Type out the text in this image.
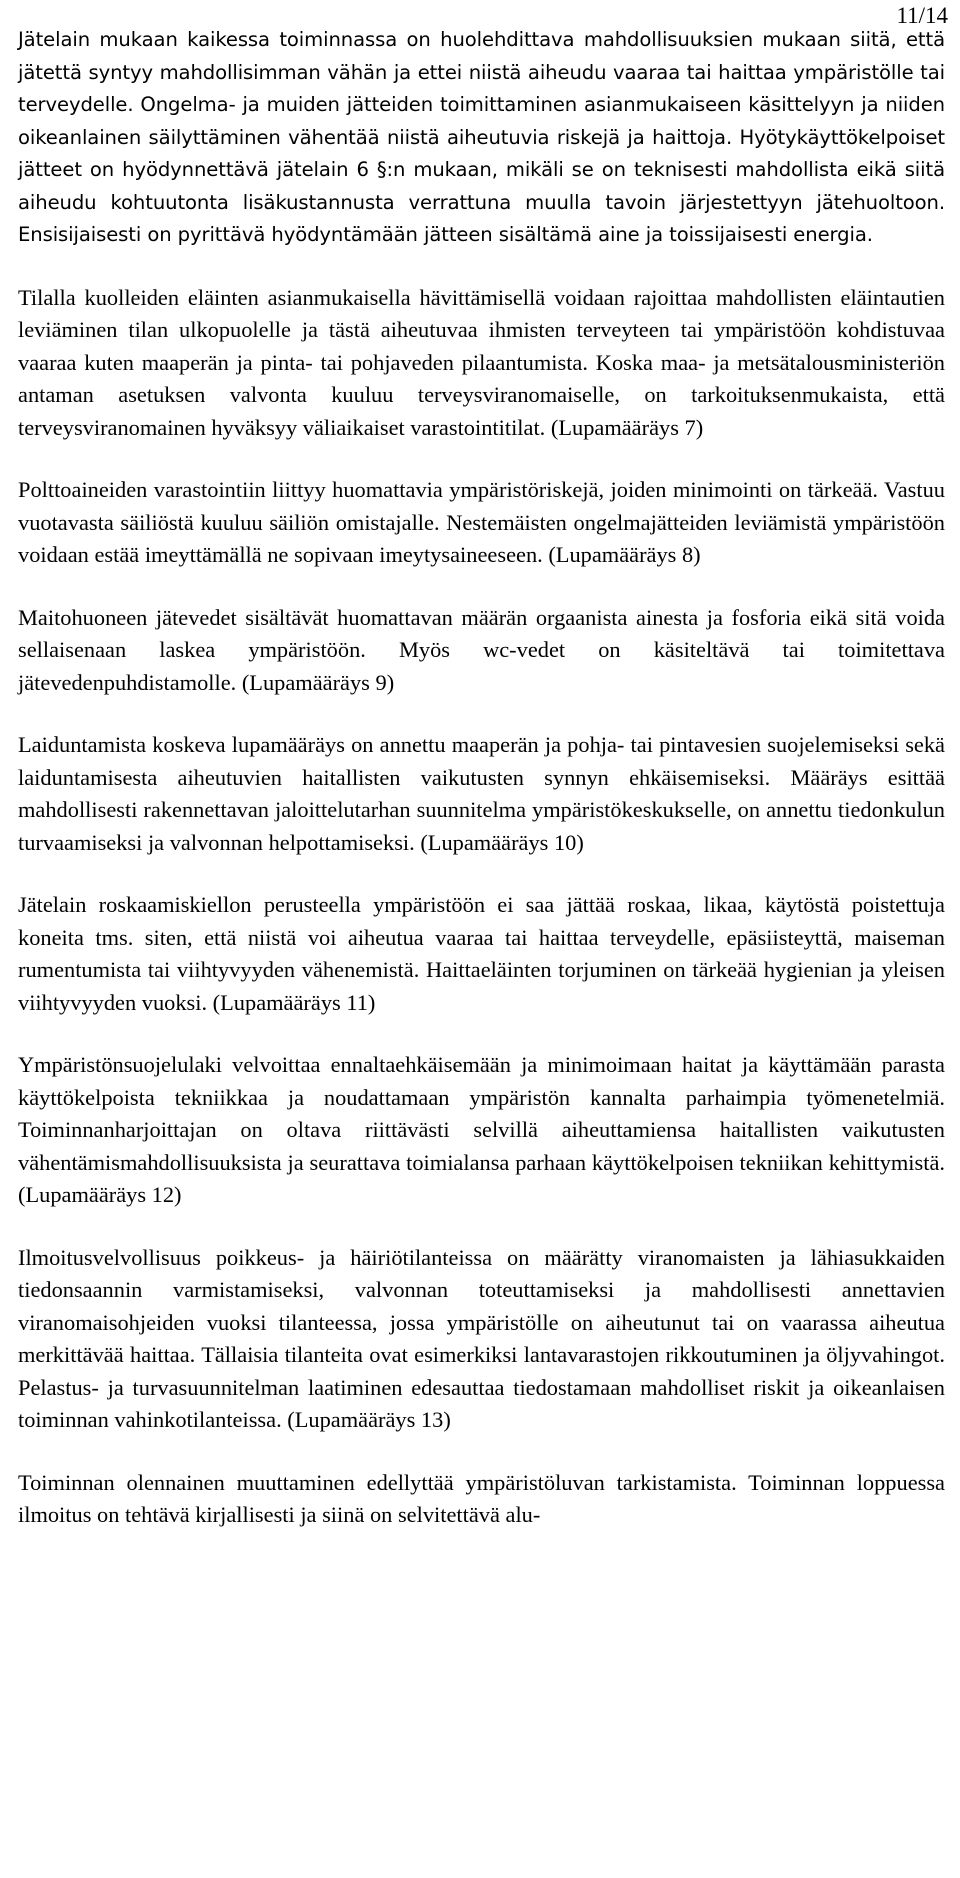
11/14

Jätelain mukaan kaikessa toiminnassa on huolehdittava mahdollisuuksien mukaan siitä, että jätettä syntyy mahdollisimman vähän ja ettei niistä aiheudu vaaraa tai haittaa ympäristölle tai terveydelle. Ongelma- ja muiden jätteiden toimittaminen asianmukaiseen käsittelyyn ja niiden oikeanlainen säilyttäminen vähentää niistä aiheutuvia riskejä ja haittoja. Hyötykäyttökelpoiset jätteet on hyödynnettävä jätelain 6 §:n mukaan, mikäli se on teknisesti mahdollista eikä siitä aiheudu kohtuutonta lisäkustannusta verrattuna muulla tavoin järjestettyyn jätehuoltoon. Ensisijaisesti on pyrittävä hyödyntämään jätteen sisältämä aine ja toissijaisesti energia.

Tilalla kuolleiden eläinten asianmukaisella hävittämisellä voidaan rajoittaa mahdollisten eläintautien leviäminen tilan ulkopuolelle ja tästä aiheutuvaa ihmisten terveyteen tai ympäristöön kohdistuvaa vaaraa kuten maaperän ja pinta- tai pohjaveden pilaantumista. Koska maa- ja metsätalousministeriön antaman asetuksen valvonta kuuluu terveysviranomaiselle, on tarkoituksenmukaista, että terveysviranomainen hyväksyy väliaikaiset varastointitilat. (Lupamääräys 7)

Polttoaineiden varastointiin liittyy huomattavia ympäristöriskejä, joiden minimointi on tärkeää. Vastuu vuotavasta säiliöstä kuuluu säiliön omistajalle. Nestemäisten ongelmajätteiden leviämistä ympäristöön voidaan estää imeyttämällä ne sopivaan imeytysaineeseen. (Lupamääräys 8)

Maitohuoneen jätevedet sisältävät huomattavan määrän orgaanista ainesta ja fosforia eikä sitä voida sellaisenaan laskea ympäristöön. Myös wc-vedet on käsiteltävä tai toimitettava jätevedenpuhdistamolle. (Lupamääräys 9)

Laiduntamista koskeva lupamääräys on annettu maaperän ja pohja- tai pintavesien suojelemiseksi sekä laiduntamisesta aiheutuvien haitallisten vaikutusten synnyn ehkäisemiseksi. Määräys esittää mahdollisesti rakennettavan jaloittelutarhan suunnitelma ympäristökeskukselle, on annettu tiedonkulun turvaamiseksi ja valvonnan helpottamiseksi. (Lupamääräys 10)

Jätelain roskaamiskiellon perusteella ympäristöön ei saa jättää roskaa, likaa, käytöstä poistettuja koneita tms. siten, että niistä voi aiheutua vaaraa tai haittaa terveydelle, epäsiisteyttä, maiseman rumentumista tai viihtyvyyden vähenemistä. Haittaeläinten torjuminen on tärkeää hygienian ja yleisen viihtyvyyden vuoksi. (Lupamääräys 11)

Ympäristönsuojelulaki velvoittaa ennaltaehkäisemään ja minimoimaan haitat ja käyttämään parasta käyttökelpoista tekniikkaa ja noudattamaan ympäristön kannalta parhaimpia työmenetelmiä. Toiminnanharjoittajan on oltava riittävästi selvillä aiheuttamiensa haitallisten vaikutusten vähentämismahdollisuuksista ja seurattava toimialansa parhaan käyttökelpoisen tekniikan kehittymistä. (Lupamääräys 12)

Ilmoitusvelvollisuus poikkeus- ja häiriötilanteissa on määrätty viranomaisten ja lähiasukkaiden tiedonsaannin varmistamiseksi, valvonnan toteuttamiseksi ja mahdollisesti annettavien viranomaisohjeiden vuoksi tilanteessa, jossa ympäristölle on aiheutunut tai on vaarassa aiheutua merkittävää haittaa. Tällaisia tilanteita ovat esimerkiksi lantavarastojen rikkoutuminen ja öljyvahingot. Pelastus- ja turvasuunnitelman laatiminen edesauttaa tiedostamaan mahdolliset riskit ja oikeanlaisen toiminnan vahinkotilanteissa. (Lupamääräys 13)

Toiminnan olennainen muuttaminen edellyttää ympäristöluvan tarkistamista. Toiminnan loppuessa ilmoitus on tehtävä kirjallisesti ja siinä on selvitettävä alu-
